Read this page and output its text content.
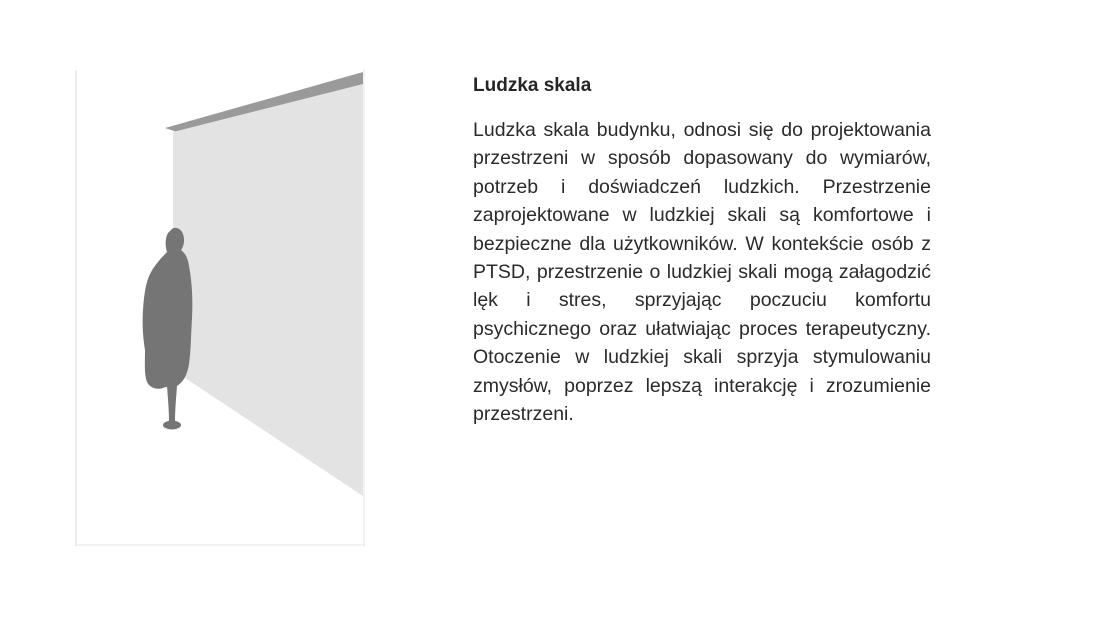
Ludzka skala

Ludzka skala budynku, odnosi się do projektowania przestrzeni w sposób dopasowany do wymiarów, potrzeb i doświadczeń ludzkich. Przestrzenie zaprojektowane w ludzkiej skali są komfortowe i bezpieczne dla użytkowników. W kontekście osób z PTSD, przestrzenie o ludzkiej skali mogą załagodzić lęk i stres, sprzyjając poczuciu komfortu psychicznego oraz ułatwiając proces terapeutyczny. Otoczenie w ludzkiej skali sprzyja stymulowaniu zmysłów, poprzez lepszą interakcję i zrozumienie przestrzeni.
